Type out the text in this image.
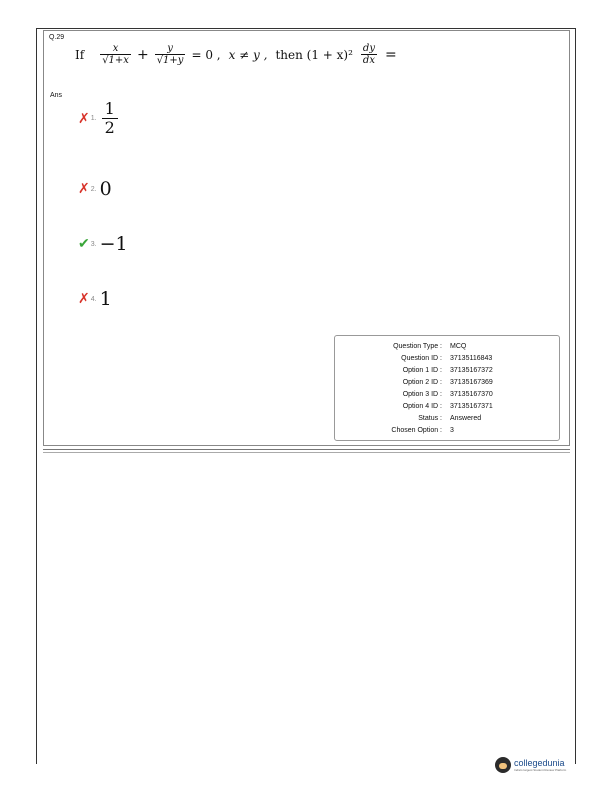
Q.29
If $\frac{x}{√1+x} + \frac{y}{√1+y} = 0$ , x ≠ y , then $(1 + x)^2 \frac{dy}{dx}$ =
Ans
✗ 1. $\frac{1}{2}$
✗ 2. 0
✔ 3. −1
✗ 4. 1
Question Type : MCQ
Question ID : 37135116843
Option 1 ID : 37135167372
Option 2 ID : 37135167369
Option 3 ID : 37135167370
Option 4 ID : 37135167371
Status : Answered
Chosen Option : 3
collegedunia
India's largest Student Review Platform
